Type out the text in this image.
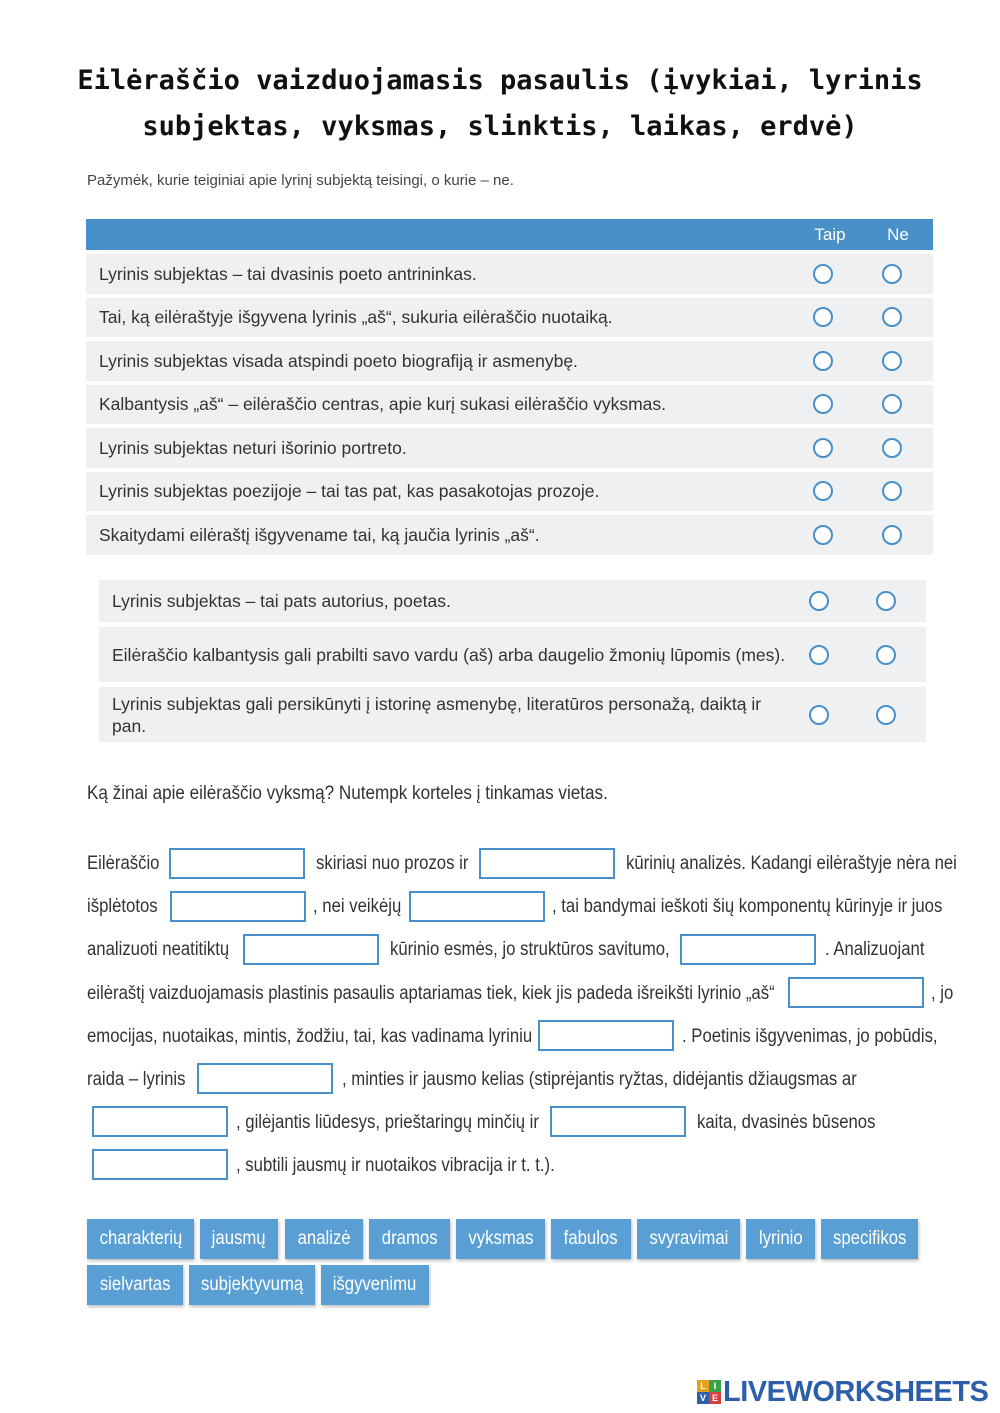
Eilėraščio vaizduojamasis pasaulis (įvykiai, lyrinis subjektas, vyksmas, slinktis, laikas, erdvė)
Pažymėk, kurie teiginiai apie lyrinį subjektą teisingi, o kurie – ne.
Taip	Ne
Lyrinis subjektas – tai dvasinis poeto antrininkas.
Tai, ką eilėraštyje išgyvena lyrinis „aš“, sukuria eilėraščio nuotaiką.
Lyrinis subjektas visada atspindi poeto biografiją ir asmenybę.
Kalbantysis „aš“ – eilėraščio centras, apie kurį sukasi eilėraščio vyksmas.
Lyrinis subjektas neturi išorinio portreto.
Lyrinis subjektas poezijoje – tai tas pat, kas pasakotojas prozoje.
Skaitydami eilėraštį išgyvename tai, ką jaučia lyrinis „aš“.
Lyrinis subjektas – tai pats autorius, poetas.
Eilėraščio kalbantysis gali prabilti savo vardu (aš) arba daugelio žmonių lūpomis (mes).
Lyrinis subjektas gali persikūnyti į istorinę asmenybę, literatūros personažą, daiktą ir pan.
Ką žinai apie eilėraščio vyksmą? Nutempk korteles į tinkamas vietas.
Eilėraščio	skiriasi nuo prozos ir	kūrinių analizės. Kadangi eilėraštyje nėra nei
išplėtotos	, nei veikėjų	, tai bandymai ieškoti šių komponentų kūrinyje ir juos
analizuoti neatitiktų	kūrinio esmės, jo struktūros savitumo,	. Analizuojant
eilėraštį vaizduojamasis plastinis pasaulis aptariamas tiek, kiek jis padeda išreikšti lyrinio „aš“	, jo
emocijas, nuotaikas, mintis, žodžiu, tai, kas vadinama lyriniu	. Poetinis išgyvenimas, jo pobūdis,
raida – lyrinis	, minties ir jausmo kelias (stiprėjantis ryžtas, didėjantis džiaugsmas ar
, gilėjantis liūdesys, prieštaringų minčių ir	kaita, dvasinės būsenos
, subtili jausmų ir nuotaikos vibracija ir t. t.).
charakterių	jausmų	analizė	dramos	vyksmas	fabulos	svyravimai	lyrinio	specifikos
sielvartas	subjektyvumą	išgyvenimu
L I
V E LIVEWORKSHEETS
